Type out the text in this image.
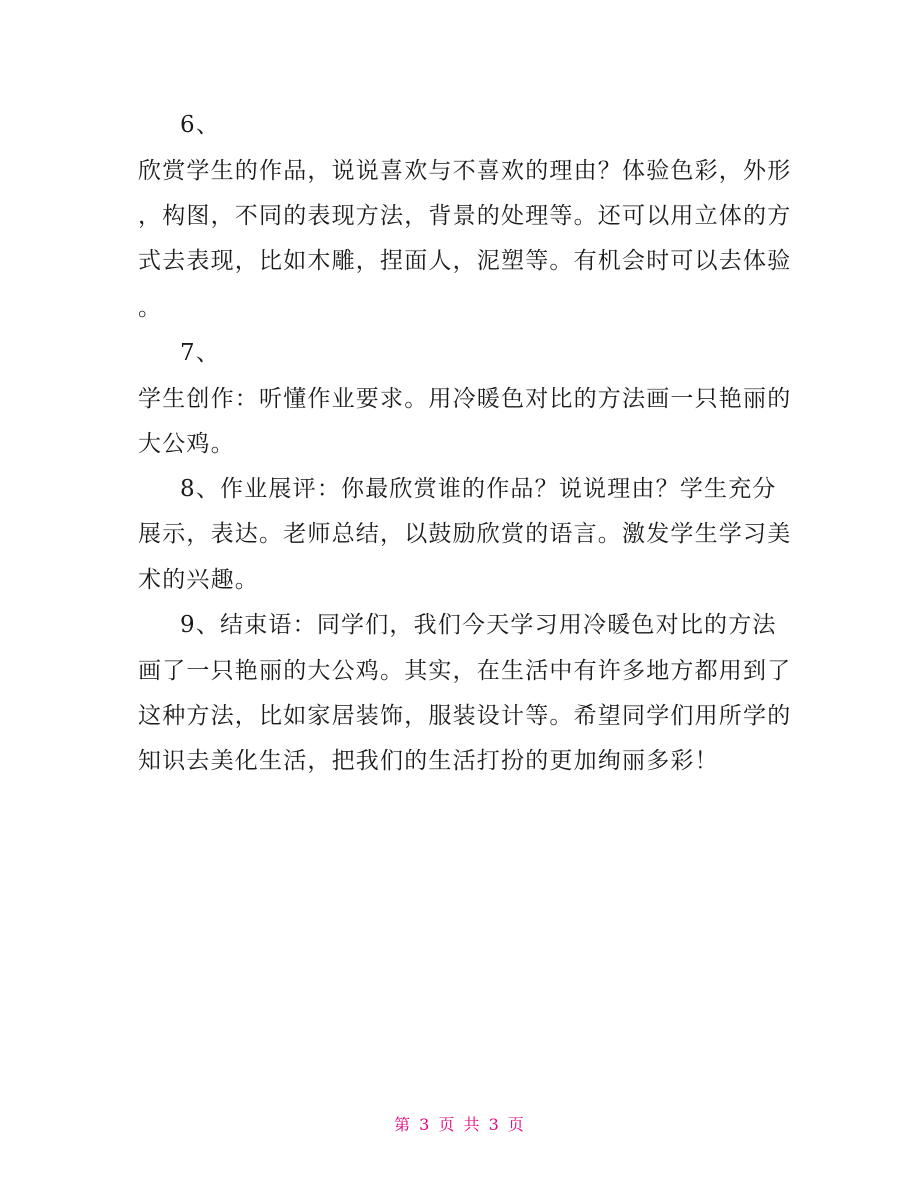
6、
欣赏学生的作品，说说喜欢与不喜欢的理由？体验色彩，外形
，构图，不同的表现方法，背景的处理等。还可以用立体的方
式去表现，比如木雕，捏面人，泥塑等。有机会时可以去体验
。
7、
学生创作：听懂作业要求。用冷暖色对比的方法画一只艳丽的
大公鸡。
8、作业展评：你最欣赏谁的作品？说说理由？学生充分
展示，表达。老师总结，以鼓励欣赏的语言。激发学生学习美
术的兴趣。
9、结束语：同学们，我们今天学习用冷暖色对比的方法
画了一只艳丽的大公鸡。其实，在生活中有许多地方都用到了
这种方法，比如家居装饰，服装设计等。希望同学们用所学的
知识去美化生活，把我们的生活打扮的更加绚丽多彩！
第 3 页 共 3 页
